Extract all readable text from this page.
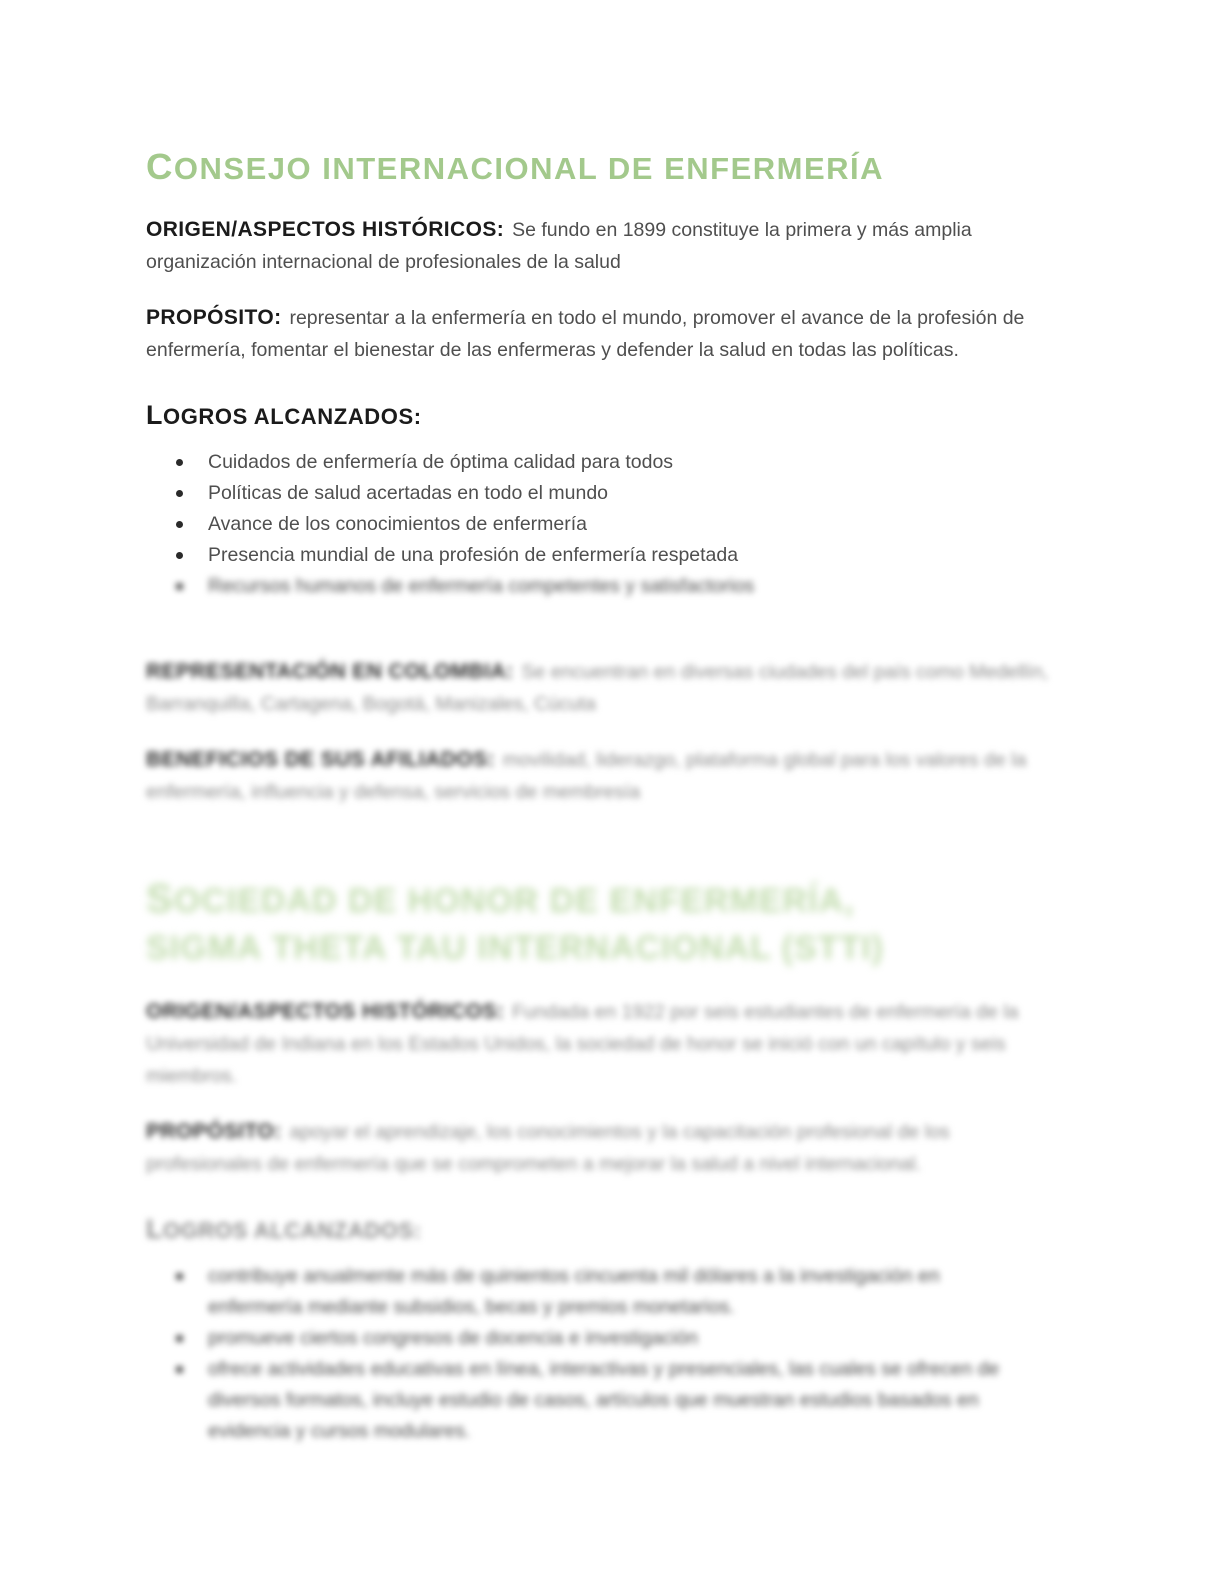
CONSEJO INTERNACIONAL DE ENFERMERÍA

ORIGEN/ASPECTOS HISTÓRICOS: Se fundo en 1899 constituye la primera y más amplia organización internacional de profesionales de la salud

PROPÓSITO: representar a la enfermería en todo el mundo, promover el avance de la profesión de enfermería, fomentar el bienestar de las enfermeras y defender la salud en todas las políticas.

LOGROS ALCANZADOS:
Cuidados de enfermería de óptima calidad para todos
Políticas de salud acertadas en todo el mundo
Avance de los conocimientos de enfermería
Presencia mundial de una profesión de enfermería respetada
Recursos humanos de enfermería competentes y satisfactorios

REPRESENTACIÓN EN COLOMBIA: Se encuentran en diversas ciudades del país como Medellín, Barranquilla, Cartagena, Bogotá, Manizales, Cúcuta

BENEFICIOS DE SUS AFILIADOS: movilidad, liderazgo, plataforma global para los valores de la enfermería, influencia y defensa, servicios de membresía

SOCIEDAD DE HONOR DE ENFERMERÍA, SIGMA THETA TAU INTERNACIONAL (STTI)

ORIGEN/ASPECTOS HISTÓRICOS: Fundada en 1922 por seis estudiantes de enfermería de la Universidad de Indiana en los Estados Unidos, la sociedad de honor se inició con un capítulo y seis miembros.

PROPÓSITO: apoyar el aprendizaje, los conocimientos y la capacitación profesional de los profesionales de enfermería que se comprometen a mejorar la salud a nivel internacional.

LOGROS ALCANZADOS:
contribuye anualmente más de quinientos cincuenta mil dólares a la investigación en enfermería mediante subsidios, becas y premios monetarios.
promueve ciertos congresos de docencia e investigación
ofrece actividades educativas en línea, interactivas y presenciales, las cuales se ofrecen de diversos formatos, incluye estudio de casos, artículos que muestran estudios basados en evidencia y cursos modulares.
